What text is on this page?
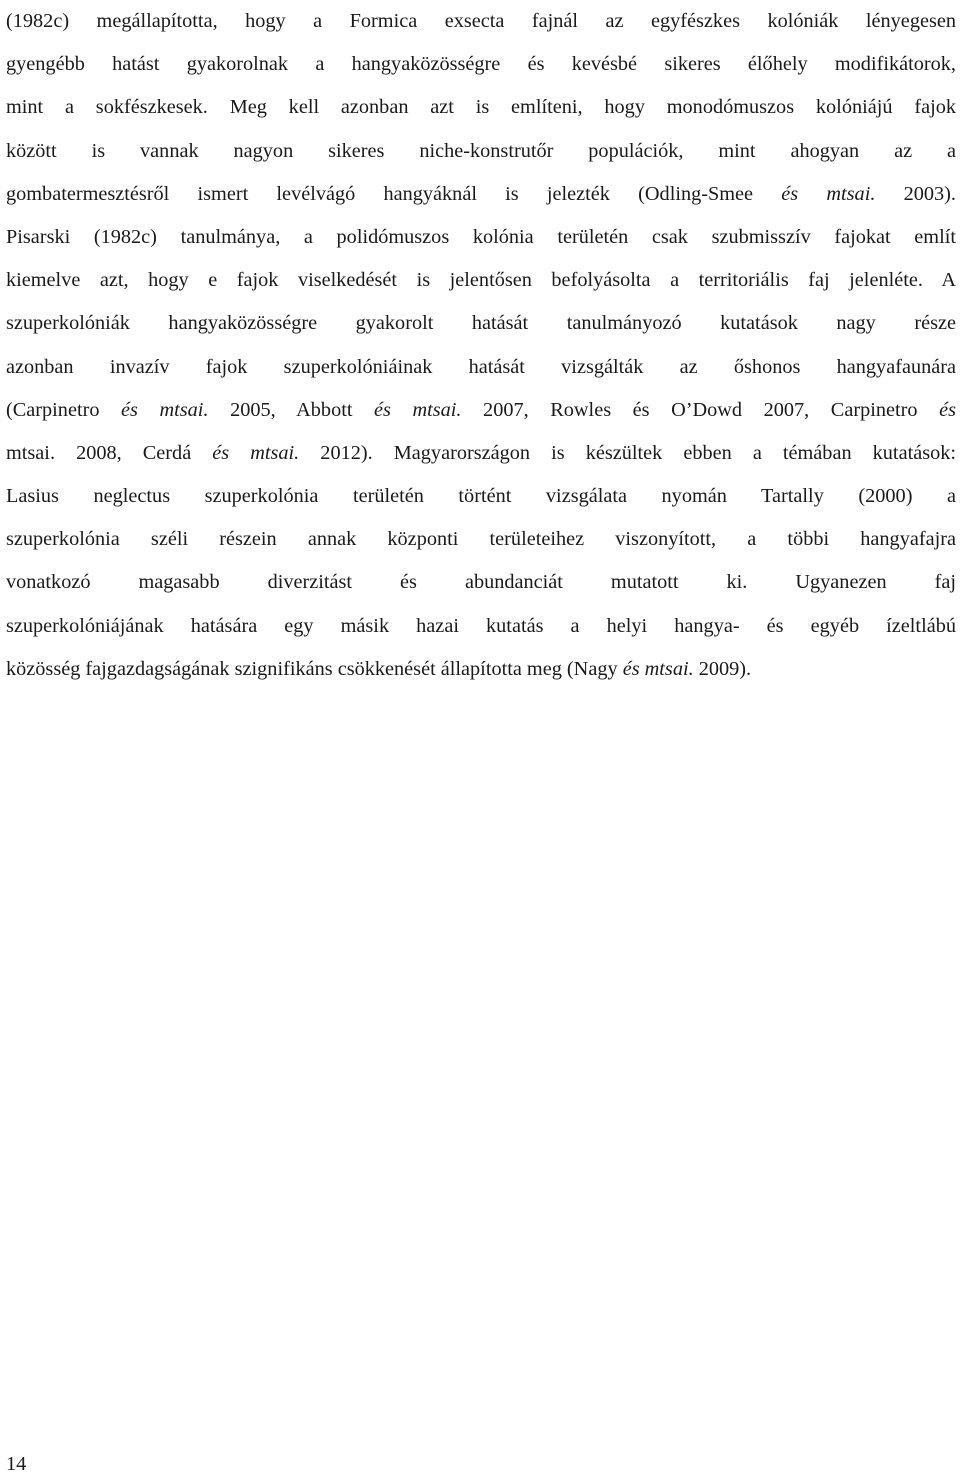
(1982c) megállapította, hogy a Formica exsecta fajnál az egyfészkes kolóniák lényegesen
gyengébb hatást gyakorolnak a hangyaközösségre és kevésbé sikeres élőhely modifikátorok,
mint a sokfészkesek. Meg kell azonban azt is említeni, hogy monodómuszos kolóniájú fajok
között is vannak nagyon sikeres niche-konstrutőr populációk, mint ahogyan az a
gombatermesztésről ismert levélvágó hangyáknál is jelezték (Odling-Smee és mtsai. 2003).
Pisarski (1982c) tanulmánya, a polidómuszos kolónia területén csak szubmisszív fajokat említ
kiemelve azt, hogy e fajok viselkedését is jelentősen befolyásolta a territoriális faj jelenléte. A
szuperkolóniák hangyaközösségre gyakorolt hatását tanulmányozó kutatások nagy része
azonban invazív fajok szuperkolóniáinak hatását vizsgálták az őshonos hangyafaunára
(Carpinetro és mtsai. 2005, Abbott és mtsai. 2007, Rowles és O’Dowd 2007, Carpinetro és
mtsai. 2008, Cerdá és mtsai. 2012). Magyarországon is készültek ebben a témában kutatások:
Lasius neglectus szuperkolónia területén történt vizsgálata nyomán Tartally (2000) a
szuperkolónia széli részein annak központi területeihez viszonyított, a többi hangyafajra
vonatkozó magasabb diverzitást és abundanciát mutatott ki. Ugyanezen faj
szuperkolóniájának hatására egy másik hazai kutatás a helyi hangya- és egyéb ízeltlábú
közösség fajgazdagságának szignifikáns csökkenését állapította meg (Nagy és mtsai. 2009).
14
